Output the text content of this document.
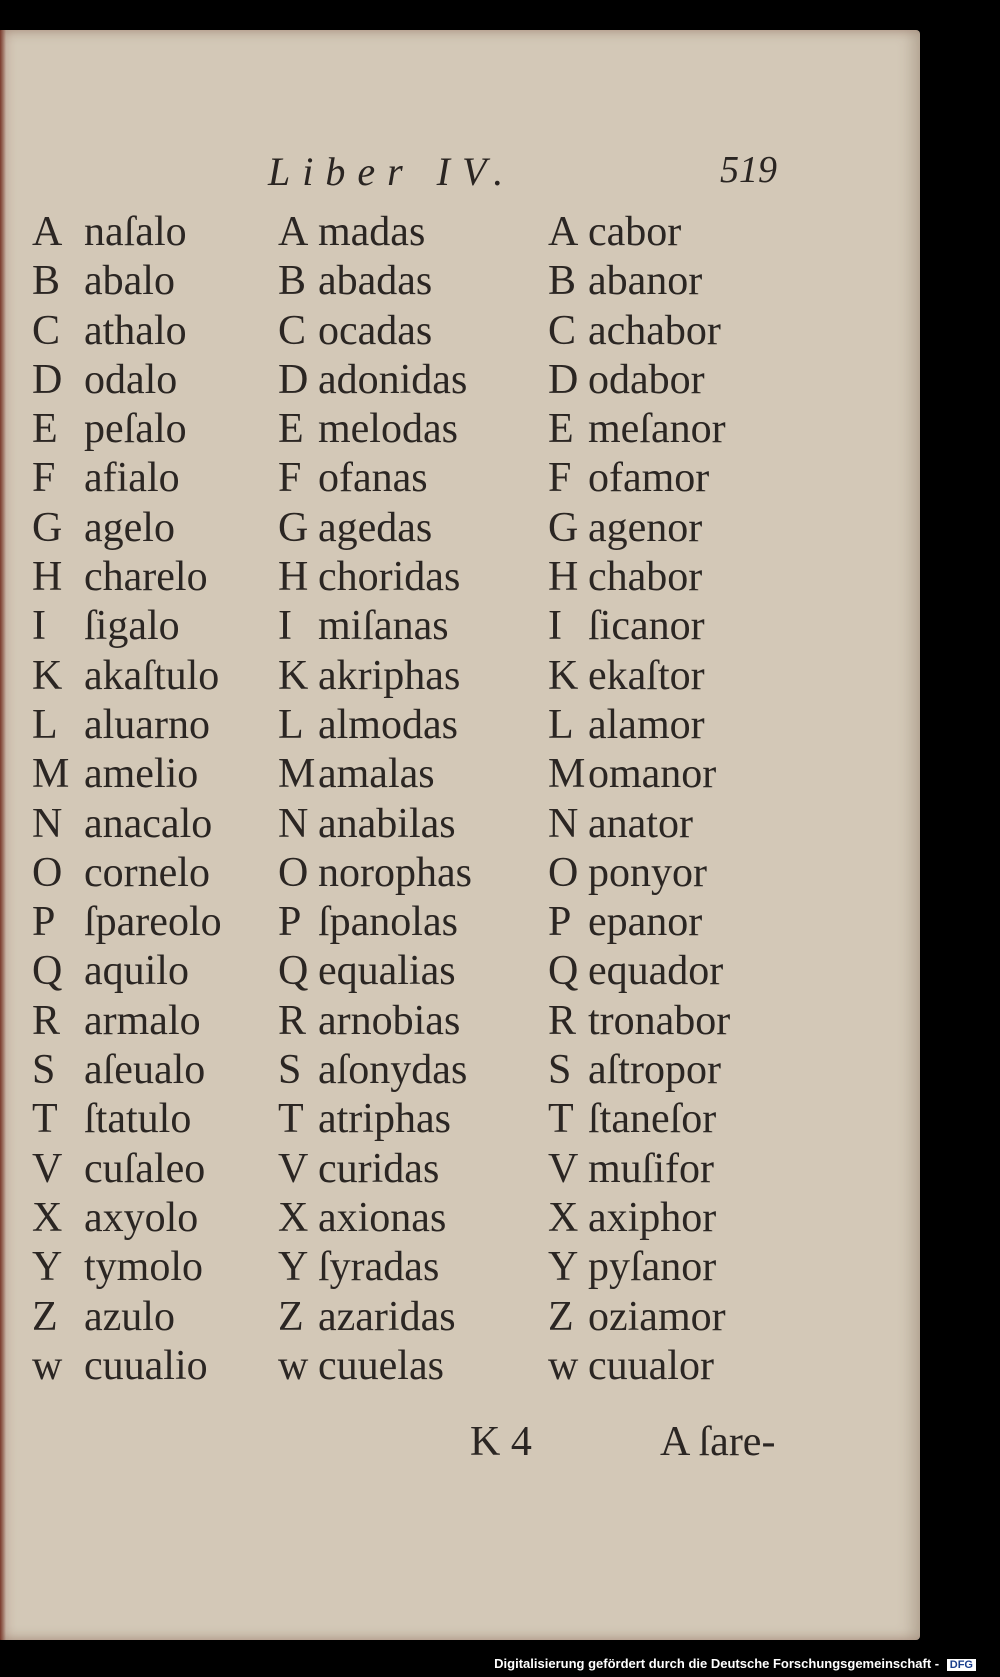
Liber IV.	519
A naſalo
B abalo
C athalo
D odalo
E peſalo
F afialo
G agelo
H charelo
I ſigalo
K akaſtulo
L aluarno
M amelio
N anacalo
O cornelo
P ſpareolo
Q aquilo
R armalo
S aſeualo
T ſtatulo
V cuſaleo
X axyolo
Y tymolo
Z azulo
w cuualio
A madas
B abadas
C ocadas
D adonidas
E melodas
F ofanas
G agedas
H choridas
I miſanas
K akriphas
L almodas
Mamalas
N anabilas
O norophas
P ſpanolas
Q equalias
R arnobias
S aſonydas
T atriphas
V curidas
X axionas
Y ſyradas
Z azaridas
w cuuelas
A cabor
B abanor
C achabor
D odabor
E meſanor
F ofamor
G agenor
H chabor
I ſicanor
K ekaſtor
L alamor
Momanor
N anator
O ponyor
P epanor
Q equador
R tronabor
S aſtropor
T ſtaneſor
V muſifor
X axiphor
Y pyſanor
Z oziamor
w cuualor
K 4	A ſare-
Digitalisierung gefördert durch die Deutsche Forschungsgemeinschaft - DFG
